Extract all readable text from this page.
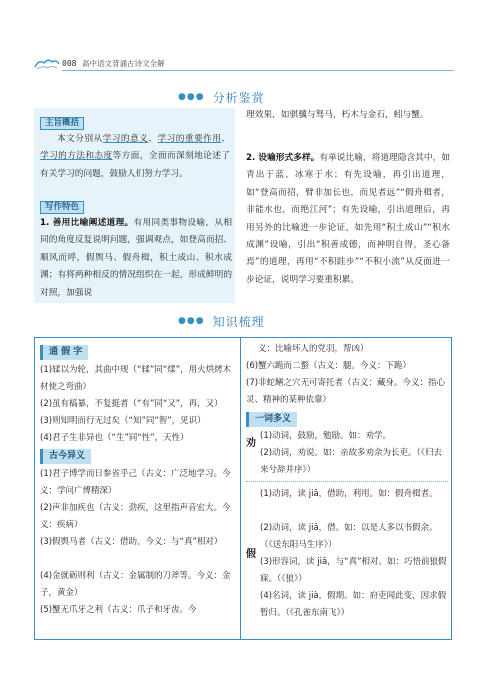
008 高中语文背诵古诗文全解
●●● 分析鉴赏
主旨概括
本文分别从学习的意义、学习的重要作用、学习的方法和态度等方面，全面而深刻地论述了有关学习的问题，鼓励人们努力学习。
写作特色
1. 善用比喻阐述道理。有用同类事物设喻，从相同的角度反复说明问题，强调观点，如登高而招、顺风而呼，假舆马、假舟楫，积土成山、积水成渊；有将两种相反的情况组织在一起，形成鲜明的对照，加强说
理效果，如骐骥与驽马，朽木与金石，蚓与蟹。
2. 设喻形式多样。有单说比喻，将道理隐含其中，如青出于蓝、冰寒于水；有先设喻，再引出道理，如“登高而招，臂非加长也，而见者远”“假舟楫者，非能水也，而绝江河”；有先设喻，引出道理后，再用另外的比喻进一步论证，如先用“积土成山”“积水成渊”设喻，引出“积善成德，而神明自得，圣心备焉”的道理，再用“不积跬步”“不积小流”从反面进一步论证，说明学习要重积累。
●●● 知识梳理
通 假 字
(1)𫐓以为轮，其曲中规（“𫐓”同“煣”，用火烘烤木材使之弯曲）
(2)虽有槁暴，不复挺者（“有”同“又”，再，又）
(3)则知明而行无过矣（“知”同“智”，见识）
(4)君子生非异也（“生”同“性”，天性）
古今异义
(1)君子博学而日参省乎己（古义：广泛地学习。今义：学问广博精深）
(2)声非加疾也（古义：劲疾，这里指声音宏大。今义：疾病）
(3)假舆马者（古义：借助。今义：与“真”相对）
(4)金就砺则利（古义：金属制的刀斧等。今义：金子，黄金）
(5)蟹无爪牙之利（古义：爪子和牙齿。今
义：比喻坏人的党羽，帮凶）
(6)蟹六跪而二螯（古义：腿。今义：下跪）
(7)非蛇鳝之穴无可寄托者（古义：藏身。今义：指心灵、精神的某种依靠）
一词多义
劝
(1)动词，鼓励，勉励。如：劝学。
(2)动词，劝说。如：亲故多劝余为长吏。（《归去来兮辞并序》）
假
(1)动词，读 jiǎ，借助，利用。如：假舟楫者。
(2)动词，读 jiǎ，借。如：以是人多以书假余。（《送东阳马生序》）
(3)形容词，读 jiǎ，与“真”相对。如：巧悟前狼假寐。（《狼》）
(4)名词，读 jià，假期。如：府吏闻此变，因求假暂归。（《孔雀东南飞》）
